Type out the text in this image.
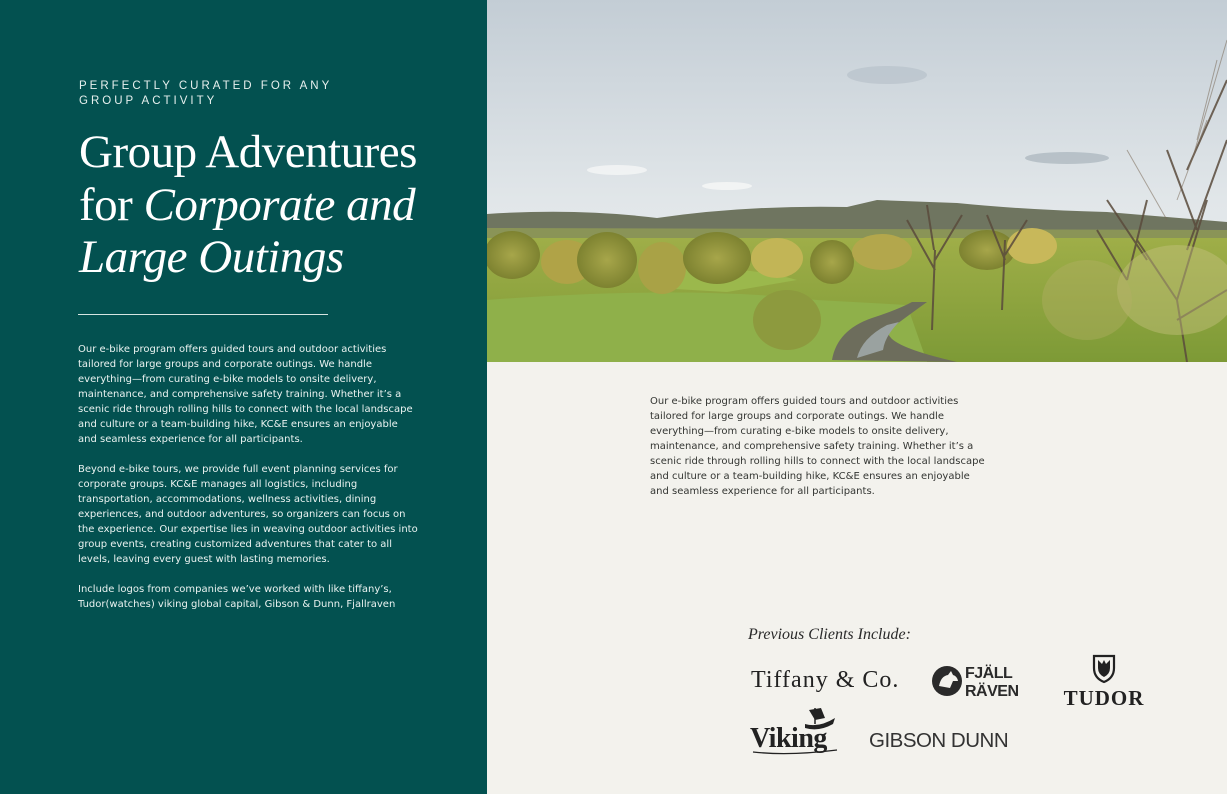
PERFECTLY CURATED FOR ANY GROUP ACTIVITY
Group Adventures
for Corporate and
Large Outings

Our e-bike program offers guided tours and outdoor activities tailored for large groups and corporate outings. We handle everything—from curating e-bike models to onsite delivery, maintenance, and comprehensive safety training. Whether it’s a scenic ride through rolling hills to connect with the local landscape and culture or a team-building hike, KC&E ensures an enjoyable and seamless experience for all participants.

Beyond e-bike tours, we provide full event planning services for corporate groups. KC&E manages all logistics, including transportation, accommodations, wellness activities, dining experiences, and outdoor adventures, so organizers can focus on the experience. Our expertise lies in weaving outdoor activities into group events, creating customized adventures that cater to all levels, leaving every guest with lasting memories.

Include logos from companies we’ve worked with like tiffany’s, Tudor(watches) viking global capital, Gibson & Dunn, Fjallraven

Our e-bike program offers guided tours and outdoor activities tailored for large groups and corporate outings. We handle everything—from curating e-bike models to onsite delivery, maintenance, and comprehensive safety training. Whether it’s a scenic ride through rolling hills to connect with the local landscape and culture or a team-building hike, KC&E ensures an enjoyable and seamless experience for all participants.

Previous Clients Include:
Tiffany & Co.	FJÄLL
RÄVEN TUDOR
Viking GIBSON DUNN
